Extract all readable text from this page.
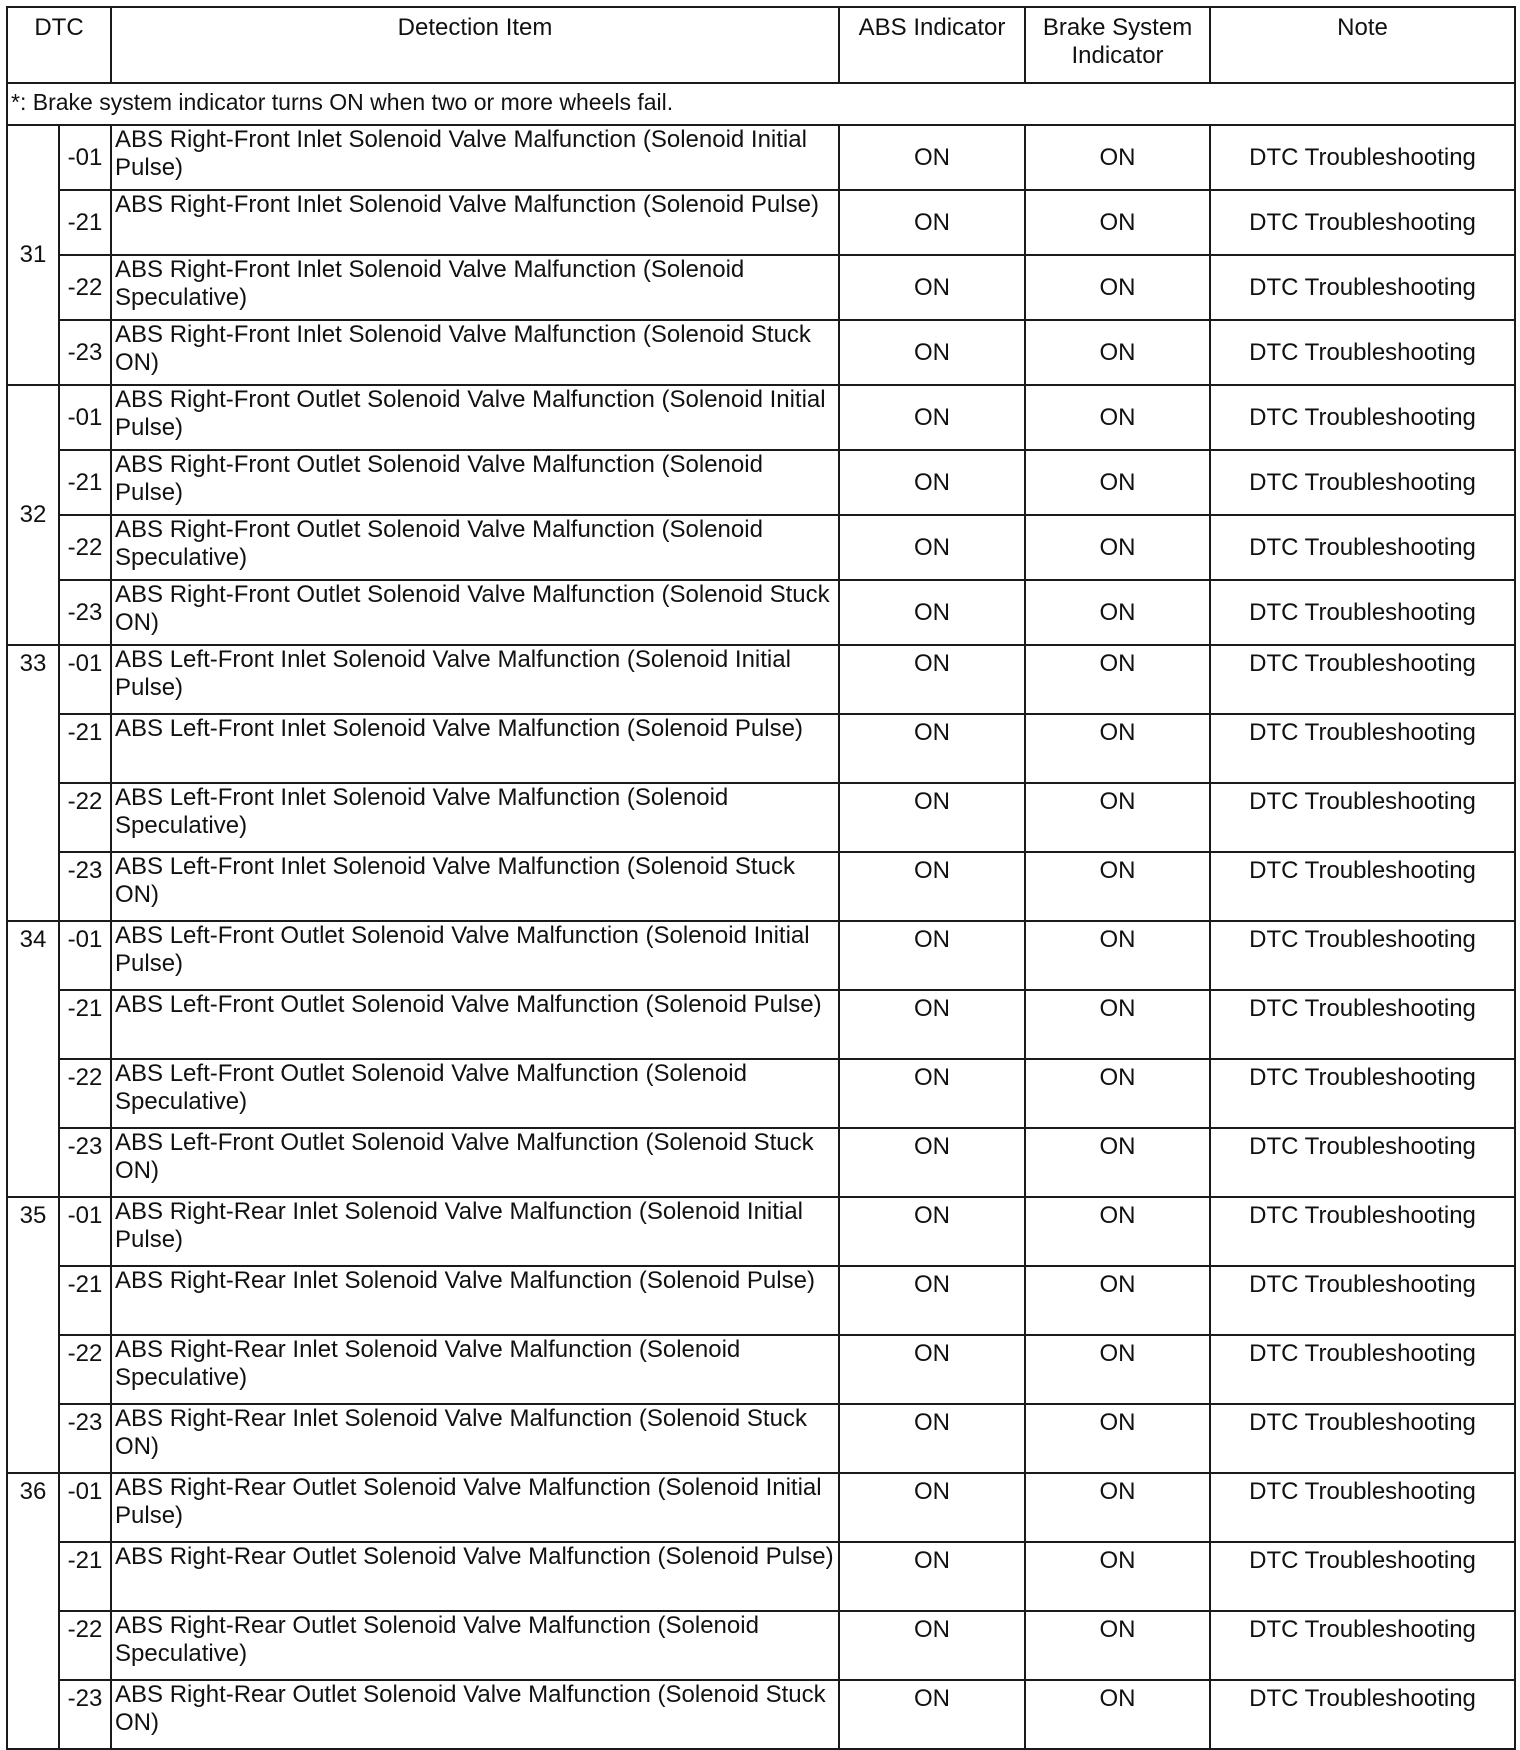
DTC		Detection Item	ABS Indicator	Brake System Indicator	Note
*: Brake system indicator turns ON when two or more wheels fail.					
31	-01	ABS Right-Front Inlet Solenoid Valve Malfunction (Solenoid Initial Pulse)	ON	ON	DTC Troubleshooting
	-21	ABS Right-Front Inlet Solenoid Valve Malfunction (Solenoid Pulse)	ON	ON	DTC Troubleshooting
	-22	ABS Right-Front Inlet Solenoid Valve Malfunction (Solenoid Speculative)	ON	ON	DTC Troubleshooting
	-23	ABS Right-Front Inlet Solenoid Valve Malfunction (Solenoid Stuck ON)	ON	ON	DTC Troubleshooting
32	-01	ABS Right-Front Outlet Solenoid Valve Malfunction (Solenoid Initial Pulse)	ON	ON	DTC Troubleshooting
	-21	ABS Right-Front Outlet Solenoid Valve Malfunction (Solenoid Pulse)	ON	ON	DTC Troubleshooting
	-22	ABS Right-Front Outlet Solenoid Valve Malfunction (Solenoid Speculative)	ON	ON	DTC Troubleshooting
	-23	ABS Right-Front Outlet Solenoid Valve Malfunction (Solenoid Stuck ON)	ON	ON	DTC Troubleshooting
33	-01	ABS Left-Front Inlet Solenoid Valve Malfunction (Solenoid Initial Pulse)	ON	ON	DTC Troubleshooting
	-21	ABS Left-Front Inlet Solenoid Valve Malfunction (Solenoid Pulse)	ON	ON	DTC Troubleshooting
	-22	ABS Left-Front Inlet Solenoid Valve Malfunction (Solenoid Speculative)	ON	ON	DTC Troubleshooting
	-23	ABS Left-Front Inlet Solenoid Valve Malfunction (Solenoid Stuck ON)	ON	ON	DTC Troubleshooting
34	-01	ABS Left-Front Outlet Solenoid Valve Malfunction (Solenoid Initial Pulse)	ON	ON	DTC Troubleshooting
	-21	ABS Left-Front Outlet Solenoid Valve Malfunction (Solenoid Pulse)	ON	ON	DTC Troubleshooting
	-22	ABS Left-Front Outlet Solenoid Valve Malfunction (Solenoid Speculative)	ON	ON	DTC Troubleshooting
	-23	ABS Left-Front Outlet Solenoid Valve Malfunction (Solenoid Stuck ON)	ON	ON	DTC Troubleshooting
35	-01	ABS Right-Rear Inlet Solenoid Valve Malfunction (Solenoid Initial Pulse)	ON	ON	DTC Troubleshooting
	-21	ABS Right-Rear Inlet Solenoid Valve Malfunction (Solenoid Pulse)	ON	ON	DTC Troubleshooting
	-22	ABS Right-Rear Inlet Solenoid Valve Malfunction (Solenoid Speculative)	ON	ON	DTC Troubleshooting
	-23	ABS Right-Rear Inlet Solenoid Valve Malfunction (Solenoid Stuck ON)	ON	ON	DTC Troubleshooting
36	-01	ABS Right-Rear Outlet Solenoid Valve Malfunction (Solenoid Initial Pulse)	ON	ON	DTC Troubleshooting
	-21	ABS Right-Rear Outlet Solenoid Valve Malfunction (Solenoid Pulse)	ON	ON	DTC Troubleshooting
	-22	ABS Right-Rear Outlet Solenoid Valve Malfunction (Solenoid Speculative)	ON	ON	DTC Troubleshooting
	-23	ABS Right-Rear Outlet Solenoid Valve Malfunction (Solenoid Stuck ON)	ON	ON	DTC Troubleshooting
